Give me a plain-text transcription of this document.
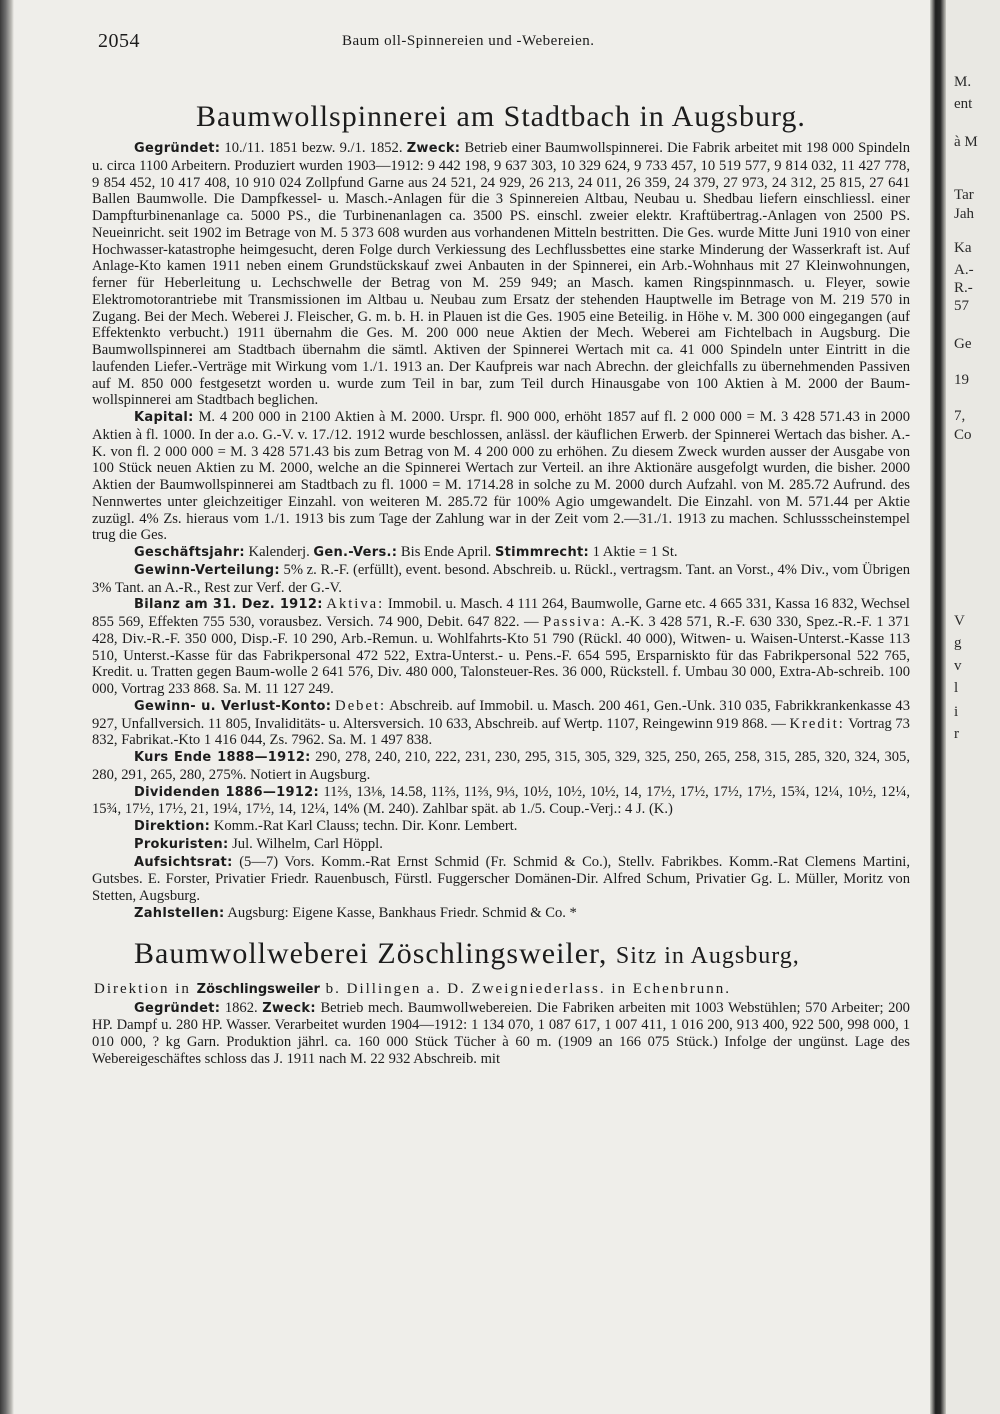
2054	Baum oll-Spinnereien und -Webereien.
Baumwollspinnerei am Stadtbach in Augsburg.

Gegründet: 10./11. 1851 bezw. 9./1. 1852. Zweck: Betrieb einer Baumwollspinnerei. Die Fabrik arbeitet mit 198 000 Spindeln u. circa 1100 Arbeitern. Produziert wurden 1903—1912: 9 442 198, 9 637 303, 10 329 624, 9 733 457, 10 519 577, 9 814 032, 11 427 778, 9 854 452, 10 417 408, 10 910 024 Zollpfund Garne aus 24 521, 24 929, 26 213, 24 011, 26 359, 24 379, 27 973, 24 312, 25 815, 27 641 Ballen Baumwolle. Die Dampfkessel- u. Masch.-Anlagen für die 3 Spinnereien Altbau, Neubau u. Shedbau liefern einschliessl. einer Dampfturbinenanlage ca. 5000 PS., die Turbinenanlagen ca. 3500 PS. einschl. zweier elektr. Kraftübertrag.-Anlagen von 2500 PS. Neueinricht. seit 1902 im Betrage von M. 5 373 608 wurden aus vorhandenen Mitteln bestritten. Die Ges. wurde Mitte Juni 1910 von einer Hochwasser-katastrophe heimgesucht, deren Folge durch Verkiessung des Lechflussbettes eine starke Minderung der Wasserkraft ist. Auf Anlage-Kto kamen 1911 neben einem Grundstückskauf zwei Anbauten in der Spinnerei, ein Arb.-Wohnhaus mit 27 Kleinwohnungen, ferner für Heberleitung u. Lechschwelle der Betrag von M. 259 949; an Masch. kamen Ringspinnmasch. u. Fleyer, sowie Elektromotorantriebe mit Transmissionen im Altbau u. Neubau zum Ersatz der stehenden Hauptwelle im Betrage von M. 219 570 in Zugang. Bei der Mech. Weberei J. Fleischer, G. m. b. H. in Plauen ist die Ges. 1905 eine Beteilig. in Höhe v. M. 300 000 eingegangen (auf Effektenkto verbucht.) 1911 übernahm die Ges. M. 200 000 neue Aktien der Mech. Weberei am Fichtelbach in Augsburg. Die Baumwollspinnerei am Stadtbach übernahm die sämtl. Aktiven der Spinnerei Wertach mit ca. 41 000 Spindeln unter Eintritt in die laufenden Liefer.-Verträge mit Wirkung vom 1./1. 1913 an. Der Kaufpreis war nach Abrechn. der gleichfalls zu übernehmenden Passiven auf M. 850 000 festgesetzt worden u. wurde zum Teil in bar, zum Teil durch Hinausgabe von 100 Aktien à M. 2000 der Baum-wollspinnerei am Stadtbach beglichen.

Kapital: M. 4 200 000 in 2100 Aktien à M. 2000. Urspr. fl. 900 000, erhöht 1857 auf fl. 2 000 000 = M. 3 428 571.43 in 2000 Aktien à fl. 1000. In der a.o. G.-V. v. 17./12. 1912 wurde beschlossen, anlässl. der käuflichen Erwerb. der Spinnerei Wertach das bisher. A.-K. von fl. 2 000 000 = M. 3 428 571.43 bis zum Betrag von M. 4 200 000 zu erhöhen. Zu diesem Zweck wurden ausser der Ausgabe von 100 Stück neuen Aktien zu M. 2000, welche an die Spinnerei Wertach zur Verteil. an ihre Aktionäre ausgefolgt wurden, die bisher. 2000 Aktien der Baumwollspinnerei am Stadtbach zu fl. 1000 = M. 1714.28 in solche zu M. 2000 durch Aufzahl. von M. 285.72 Aufrund. des Nennwertes unter gleichzeitiger Einzahl. von weiteren M. 285.72 für 100% Agio umgewandelt. Die Einzahl. von M. 571.44 per Aktie zuzügl. 4% Zs. hieraus vom 1./1. 1913 bis zum Tage der Zahlung war in der Zeit vom 2.—31./1. 1913 zu machen. Schlussscheinstempel trug die Ges.

Geschäftsjahr: Kalenderj. Gen.-Vers.: Bis Ende April. Stimmrecht: 1 Aktie = 1 St.

Gewinn-Verteilung: 5% z. R.-F. (erfüllt), event. besond. Abschreib. u. Rückl., vertragsm. Tant. an Vorst., 4% Div., vom Übrigen 3% Tant. an A.-R., Rest zur Verf. der G.-V.

Bilanz am 31. Dez. 1912: Aktiva: Immobil. u. Masch. 4 111 264, Baumwolle, Garne etc. 4 665 331, Kassa 16 832, Wechsel 855 569, Effekten 755 530, vorausbez. Versich. 74 900, Debit. 647 822. — Passiva: A.-K. 3 428 571, R.-F. 630 330, Spez.-R.-F. 1 371 428, Div.-R.-F. 350 000, Disp.-F. 10 290, Arb.-Remun. u. Wohlfahrts-Kto 51 790 (Rückl. 40 000), Witwen- u. Waisen-Unterst.-Kasse 113 510, Unterst.-Kasse für das Fabrikpersonal 472 522, Extra-Unterst.- u. Pens.-F. 654 595, Ersparniskto für das Fabrikpersonal 522 765, Kredit. u. Tratten gegen Baum-wolle 2 641 576, Div. 480 000, Talonsteuer-Res. 36 000, Rückstell. f. Umbau 30 000, Extra-Ab-schreib. 100 000, Vortrag 233 868. Sa. M. 11 127 249.

Gewinn- u. Verlust-Konto: Debet: Abschreib. auf Immobil. u. Masch. 200 461, Gen.-Unk. 310 035, Fabrikkrankenkasse 43 927, Unfallversich. 11 805, Invaliditäts- u. Altersversich. 10 633, Abschreib. auf Wertp. 1107, Reingewinn 919 868. — Kredit: Vortrag 73 832, Fabrikat.-Kto 1 416 044, Zs. 7962. Sa. M. 1 497 838.

Kurs Ende 1888—1912: 290, 278, 240, 210, 222, 231, 230, 295, 315, 305, 329, 325, 250, 265, 258, 315, 285, 320, 324, 305, 280, 291, 265, 280, 275%. Notiert in Augsburg.

Dividenden 1886—1912: 11⅔, 13⅛, 14.58, 11⅔, 11⅔, 9⅓, 10½, 10½, 10½, 14, 17½, 17½, 17½, 17½, 15¾, 12¼, 10½, 12¼, 15¾, 17½, 17½, 21, 19¼, 17½, 14, 12¼, 14% (M. 240). Zahlbar spät. ab 1./5. Coup.-Verj.: 4 J. (K.)

Direktion: Komm.-Rat Karl Clauss; techn. Dir. Konr. Lembert.

Prokuristen: Jul. Wilhelm, Carl Höppl.

Aufsichtsrat: (5—7) Vors. Komm.-Rat Ernst Schmid (Fr. Schmid & Co.), Stellv. Fabrikbes. Komm.-Rat Clemens Martini, Gutsbes. E. Forster, Privatier Friedr. Rauenbusch, Fürstl. Fuggerscher Domänen-Dir. Alfred Schum, Privatier Gg. L. Müller, Moritz von Stetten, Augsburg.

Zahlstellen: Augsburg: Eigene Kasse, Bankhaus Friedr. Schmid & Co. *

Baumwollweberei Zöschlingsweiler, Sitz in Augsburg,
Direktion in Zöschlingsweiler b. Dillingen a. D. Zweigniederlass. in Echenbrunn.

Gegründet: 1862. Zweck: Betrieb mech. Baumwollwebereien. Die Fabriken arbeiten mit 1003 Webstühlen; 570 Arbeiter; 200 HP. Dampf u. 280 HP. Wasser. Verarbeitet wurden 1904—1912: 1 134 070, 1 087 617, 1 007 411, 1 016 200, 913 400, 922 500, 998 000, 1 010 000, ? kg Garn. Produktion jährl. ca. 160 000 Stück Tücher à 60 m. (1909 an 166 075 Stück.) Infolge der ungünst. Lage des Webereigeschäftes schloss das J. 1911 nach M. 22 932 Abschreib. mit

M.
ent
à M
Tar
Jah
Ka
A.-
R.-
57
Ge
19
7,
Co
V
g
v
l
i
r
